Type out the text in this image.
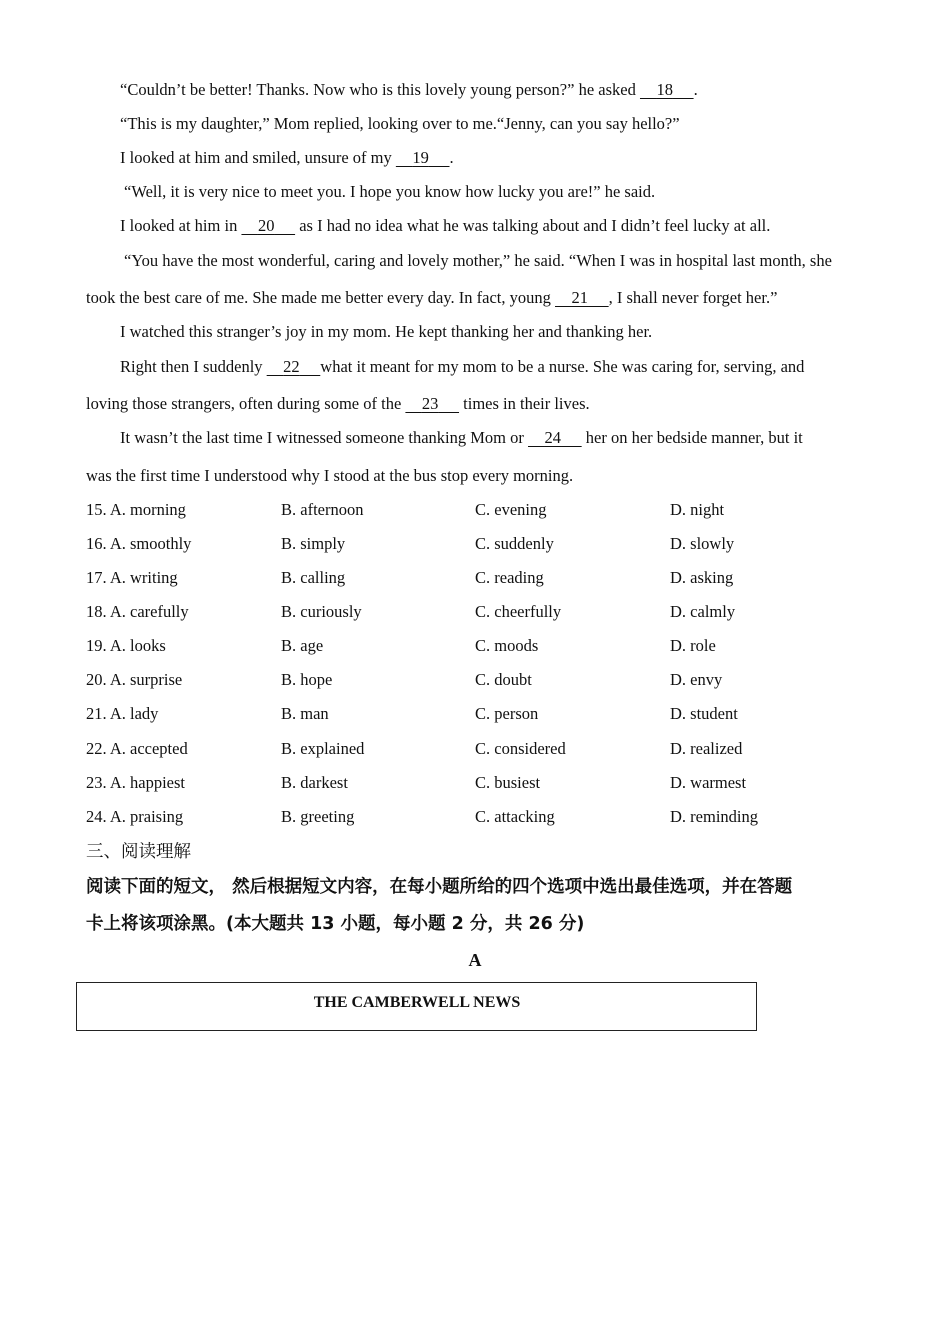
“Couldn’t be better! Thanks. Now who is this lovely young person?” he asked     18 .
“This is my daughter,” Mom replied, looking over to me.“Jenny, can you say hello?”
I looked at him and smiled, unsure of my     19 .
“Well, it is very nice to meet you. I hope you know how lucky you are!” he said.
I looked at him in     20      as I had no idea what he was talking about and I didn’t feel lucky at all.
“You have the most wonderful, caring and lovely mother,” he said. “When I was in hospital last month, she
took the best care of me. She made me better every day. In fact, young     21 , I shall never forget her.”
I watched this stranger’s joy in my mom. He kept thanking her and thanking her.
Right then I suddenly     22 what it meant for my mom to be a nurse. She was caring for, serving, and
loving those strangers, often during some of the     23      times in their lives.
It wasn’t the last time I witnessed someone thanking Mom or     24      her on her bedside manner, but it
was the first time I understood why I stood at the bus stop every morning.
15. A. morning	B. afternoon	C. evening	D. night
16. A. smoothly	B. simply	C. suddenly	D. slowly
17. A. writing	B. calling	C. reading	D. asking
18. A. carefully	B. curiously	C. cheerfully	D. calmly
19. A. looks	B. age	C. moods	D. role
20. A. surprise	B. hope	C. doubt	D. envy
21. A. lady	B. man	C. person	D. student
22. A. accepted	B. explained	C. considered	D. realized
23. A. happiest	B. darkest	C. busiest	D. warmest
24. A. praising	B. greeting	C. attacking	D. reminding
三、阅读理解
阅读下面的短文， 然后根据短文内容，在每小题所给的四个选项中选出最佳选项，并在答题
卡上将该项涂黑。(本大题共 13 小题，每小题 2 分，共 26 分)
A
THE CAMBERWELL NEWS
